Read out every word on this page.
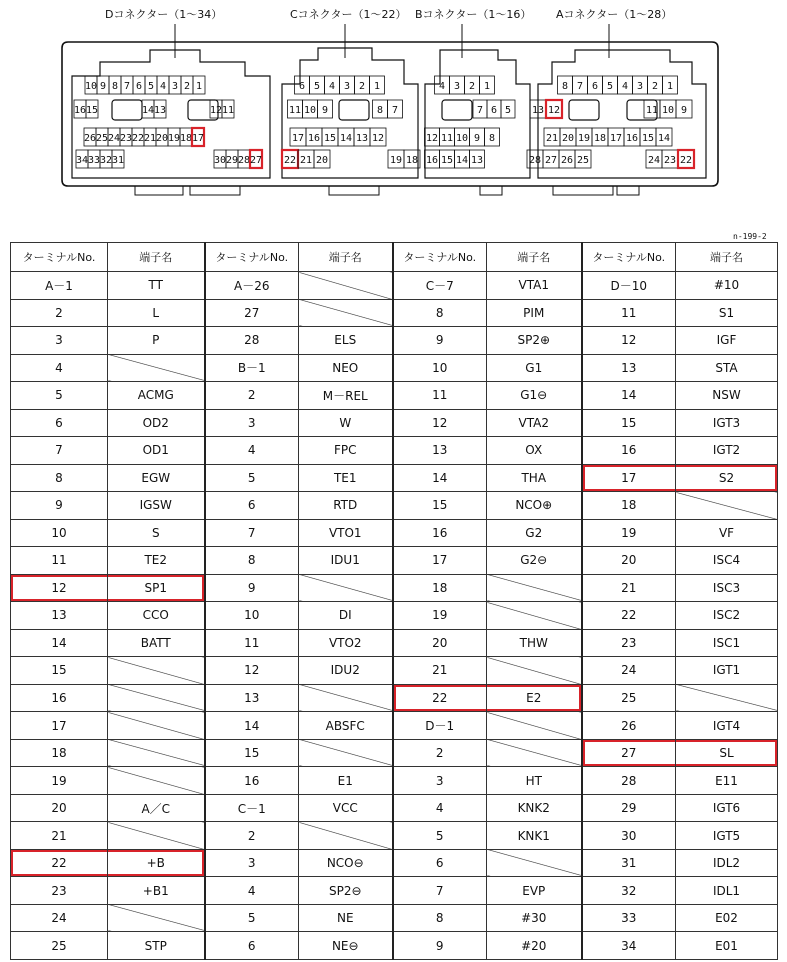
Dコネクター（1～34）	Cコネクター（1～22） Bコネクター（1～16） Aコネクター（1～28）
10 9 8 7 6 5 4 3 2 1
16 15	14 13	12 11
26 25 24 23 22 21 20 19 18 17
34 33 32 31	30 29 28 27
6 5 4 3 2 1
11 10 9	8 7
17 16 15 14 13 12
22 21 20	19 18
4 3 2 1
7 6 5
12 11 10 9 8
16 15 14 13
8 7 6 5 4 3 2 1
13 12	11 10 9
21 20 19 18 17 16 15 14
28 27 26 25	24 23 22
n-199-2
ターミナルNo.	端子名	ターミナルNo.	端子名	ターミナルNo.	端子名	ターミナルNo.	端子名
A－1	TT	A－26		C－7	VTA1	D－10	#10
2	L	27		8	PIM	11	S1
3	P	28	ELS	9	SP2⊕	12	IGF
4		B－1	NEO	10	G1	13	STA
5	ACMG	2	M－REL	11	G1⊖	14	NSW
6	OD2	3	W	12	VTA2	15	IGT3
7	OD1	4	FPC	13	OX	16	IGT2
8	EGW	5	TE1	14	THA	17	S2
9	IGSW	6	RTD	15	NCO⊕	18	
10	S	7	VTO1	16	G2	19	VF
11	TE2	8	IDU1	17	G2⊖	20	ISC4
12	SP1	9		18		21	ISC3
13	CCO	10	DI	19		22	ISC2
14	BATT	11	VTO2	20	THW	23	ISC1
15		12	IDU2	21		24	IGT1
16		13		22	E2	25	
17		14	ABSFC	D－1		26	IGT4
18		15		2		27	SL
19		16	E1	3	HT	28	E11
20	A／C	C－1	VCC	4	KNK2	29	IGT6
21		2		5	KNK1	30	IGT5
22	+B	3	NCO⊖	6		31	IDL2
23	+B1	4	SP2⊖	7	EVP	32	IDL1
24		5	NE	8	#30	33	E02
25	STP	6	NE⊖	9	#20	34	E01
